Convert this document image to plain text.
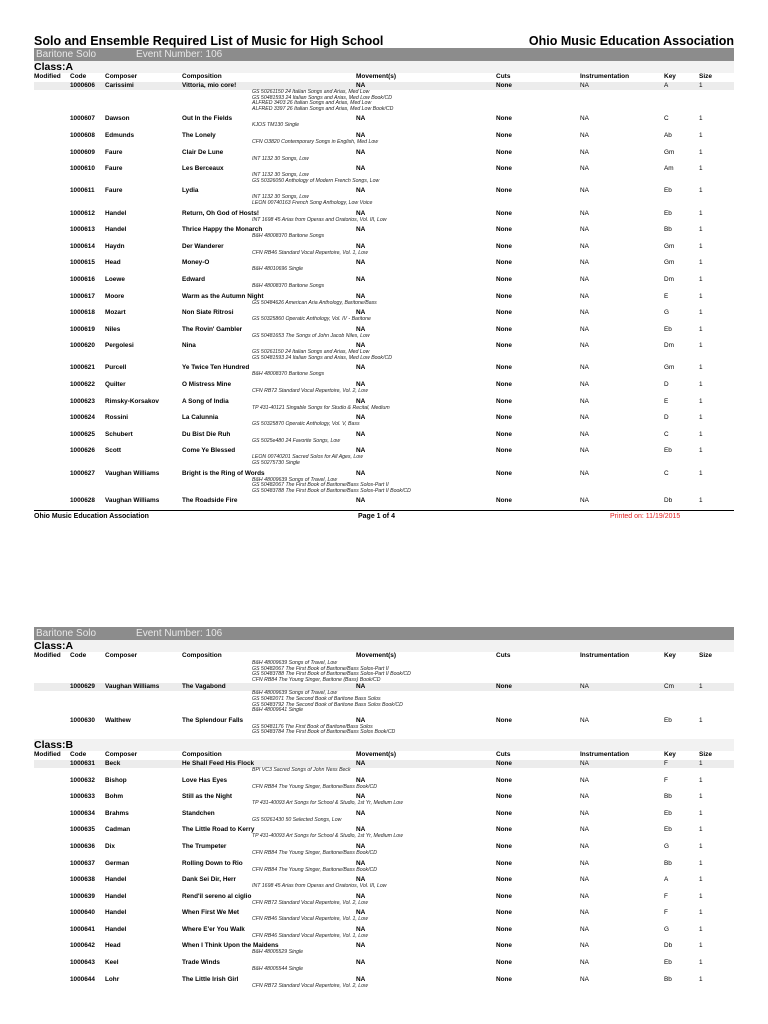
Solo and Ensemble Required List of Music for High School	Ohio Music Education Association
Baritone Solo	Event Number: 106
Class:A
Modified Code	Composer	Composition	Movement(s)	Cuts	Instrumentation	Key	Size
1000606 Carissimi	Vittoria, mio core!	NA	None	NA	A	1
GS 50261150 24 Italian Songs and Arias, Med Low
GS 50481593 24 Italian Songs and Arias, Med Low Book/CD
ALFRED 3403 26 Italian Songs and Arias, Med Low
ALFRED 3397 26 Italian Songs and Arias, Med Low Book/CD
1000607 Dawson	Out In the Fields	NA	None	NA	C	1
KJOS TM130 Single
1000608 Edmunds	The Lonely	NA	None	NA	Ab	1
CFN O3820 Contemporary Songs in English, Med Low
1000609 Faure	Clair De Lune	NA	None	NA	Gm	1
INT 1132 30 Songs, Low
1000610 Faure	Les Berceaux	NA	None	NA	Am	1
INT 1132 30 Songs, Low
GS 50326050 Anthology of Modern French Songs, Low
1000611 Faure	Lydia	NA	None	NA	Eb	1
INT 1132 30 Songs, Low
LEON 00740163 French Song Anthology, Low Voice
1000612 Handel	Return, Oh God of Hosts!	NA	None	NA	Eb	1
INT 1698 45 Arias from Operas and Oratorios, Vol. III, Low
1000613 Handel	Thrice Happy the Monarch	NA	None	NA	Bb	1
B&H 48008370 Baritone Songs
1000614 Haydn	Der Wanderer	NA	None	NA	Gm	1
CFN RB46 Standard Vocal Repertoire, Vol. 1, Low
1000615 Head	Money-O	NA	None	NA	Gm	1
B&H 48010696 Single
1000616 Loewe	Edward	NA	None	NA	Dm	1
B&H 48008370 Baritone Songs
1000617 Moore	Warm as the Autumn Night	NA	None	NA	E	1
GS 50484626 American Aria Anthology, Baritone/Bass
1000618 Mozart	Non Siate Ritrosi	NA	None	NA	G	1
GS 50325860 Operatic Anthology, Vol. IV - Baritone
1000619 Niles	The Rovin' Gambler	NA	None	NA	Eb	1
GS 50481653 The Songs of John Jacob Niles, Low
1000620 Pergolesi	Nina	NA	None	NA	Dm	1
GS 50261150 24 Italian Songs and Arias, Med Low
GS 50481593 24 Italian Songs and Arias, Med Low Book/CD
1000621 Purcell	Ye Twice Ten Hundred	NA	None	NA	Gm	1
B&H 48008370 Baritone Songs
1000622 Quilter	O Mistress Mine	NA	None	NA	D	1
CFN RB72 Standard Vocal Repertoire, Vol. 2, Low
1000623 Rimsky-Korsakov	A Song of India	NA	None	NA	E	1
TP 431-40121 Singable Songs for Studio & Recital, Medium
1000624 Rossini	La Calunnia	NA	None	NA	D	1
GS 50325870 Operatic Anthology, Vol. V, Bass
1000625 Schubert	Du Bist Die Ruh	NA	None	NA	C	1
GS 5025e480 24 Favorite Songs, Low
1000626 Scott	Come Ye Blessed	NA	None	NA	Eb	1
LEON 00740201 Sacred Solos for All Ages, Low
GS 50275730 Single
1000627 Vaughan Williams	Bright is the Ring of Words	NA	None	NA	C	1
B&H 48009639 Songs of Travel, Low
GS 50482067 The First Book of Baritone/Bass Solos-Part II
GS 50483788 The First Book of Baritone/Bass Solos-Part II Book/CD
1000628 Vaughan Williams	The Roadside Fire	NA	None	NA	Db	1
Ohio Music Education Association	Page 1 of 4	Printed on: 11/19/2015
Baritone Solo	Event Number: 106
Class:A
Modified Code	Composer	Composition	Movement(s)	Cuts	Instrumentation	Key	Size
B&H 48009639 Songs of Travel, Low
GS 50482067 The First Book of Baritone/Bass Solos-Part II
GS 50483788 The First Book of Baritone/Bass Solos-Part II Book/CD
CFN RB84 The Young Singer, Baritone (Bass) Book/CD
1000629 Vaughan Williams	The Vagabond	NA	None	NA	Cm	1
B&H 48009639 Songs of Travel, Low
GS 50482071 The Second Book of Baritone Bass Solos
GS 50483792 The Second Book of Baritone Bass Solos Book/CD
B&H 48009641 Single
1000630 Walthew	The Splendour Falls	NA	None	NA	Eb	1
GS 50481176 The First Book of Baritone/Bass Solos
GS 50483784 The First Book of Baritone/Bass Solos Book/CD
Class:B
Modified Code	Composer	Composition	Movement(s)	Cuts	Instrumentation	Key	Size
1000631 Beck	He Shall Feed His Flock	NA	None	NA	F	1
BPI VC3 Sacred Songs of John Ness Beck
1000632 Bishop	Love Has Eyes	NA	None	NA	F	1
CFN RB84 The Young Singer, Baritone/Bass Book/CD
1000633 Bohm	Still as the Night	NA	None	NA	Bb	1
TP 431-40093 Art Songs for School & Studio, 1st Yr, Medium Low
1000634 Brahms	Standchen	NA	None	NA	Eb	1
GS 50261430 50 Selected Songs, Low
1000635 Cadman	The Little Road to Kerry	NA	None	NA	Eb	1
TP 431-40093 Art Songs for School & Studio, 1st Yr, Medium Low
1000636 Dix	The Trumpeter	NA	None	NA	G	1
CFN RB84 The Young Singer, Baritone/Bass Book/CD
1000637 German	Rolling Down to Rio	NA	None	NA	Bb	1
CFN RB84 The Young Singer, Baritone/Bass Book/CD
1000638 Handel	Dank Sei Dir, Herr	NA	None	NA	A	1
INT 1698 45 Arias from Operas and Oratorios, Vol. III, Low
1000639 Handel	Rend'il sereno al ciglio	NA	None	NA	F	1
CFN RB72 Standard Vocal Repertoire, Vol. 2, Low
1000640 Handel	When First We Met	NA	None	NA	F	1
CFN RB46 Standard Vocal Repertoire, Vol. 1, Low
1000641 Handel	Where E'er You Walk	NA	None	NA	G	1
CFN RB46 Standard Vocal Repertoire, Vol. 1, Low
1000642 Head	When I Think Upon the Maidens	NA	None	NA	Db	1
B&H 48005529 Single
1000643 Keel	Trade Winds	NA	None	NA	Eb	1
B&H 48005544 Single
1000644 Lohr	The Little Irish Girl	NA	None	NA	Bb	1
CFN RB72 Standard Vocal Repertoire, Vol. 2, Low
